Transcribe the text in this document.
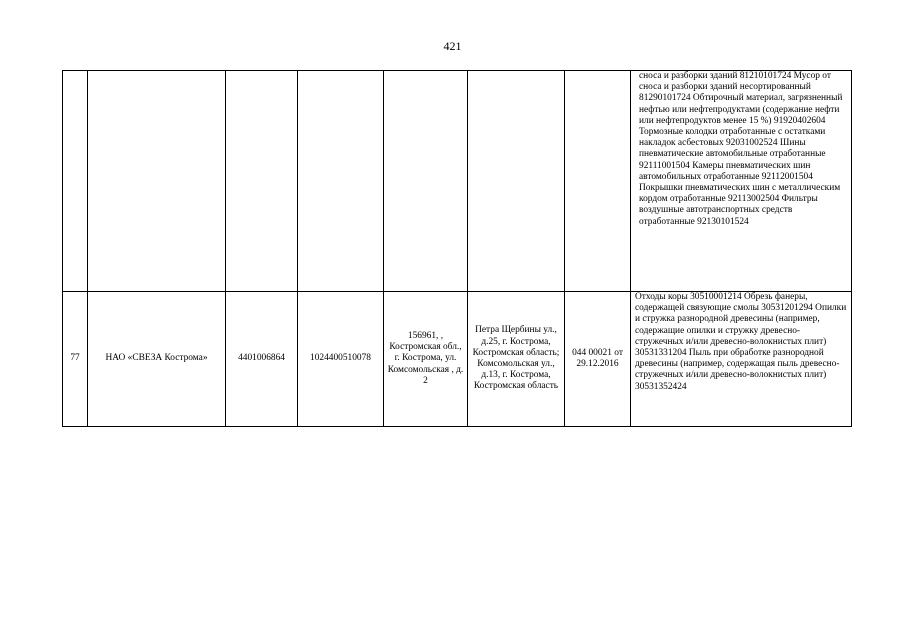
421
							сноса и разборки зданий 81210101724 Мусор от сноса и разборки зданий несортированный 81290101724 Обтирочный материал, загрязненный нефтью или нефтепродуктами (содержание нефти или нефтепродуктов менее 15 %) 91920402604 Тормозные колодки отработанные с остатками накладок асбестовых 92031002524 Шины пневматические автомобильные отработанные 92111001504 Камеры пневматических шин автомобильных отработанные 92112001504 Покрышки пневматических шин с металлическим кордом отработанные 92113002504 Фильтры воздушные автотранспортных средств отработанные 92130101524
77	НАО «СВЕЗА Кострома»	4401006864	1024400510078	156961, , Костромская обл., г. Кострома, ул. Комсомольская , д. 2	Петра Щербины ул., д.25, г. Кострома, Костромская область; Комсомольская ул., д.13, г. Кострома, Костромская область	044 00021 от 29.12.2016	Отходы коры 30510001214 Обрезь фанеры, содержащей связующие смолы 30531201294 Опилки и стружка разнородной древесины (например, содержащие опилки и стружку древесно-стружечных и/или древесно-волокнистых плит) 30531331204 Пыль при обработке разнородной древесины (например, содержащая пыль древесно-стружечных и/или древесно-волокнистых плит) 30531352424
